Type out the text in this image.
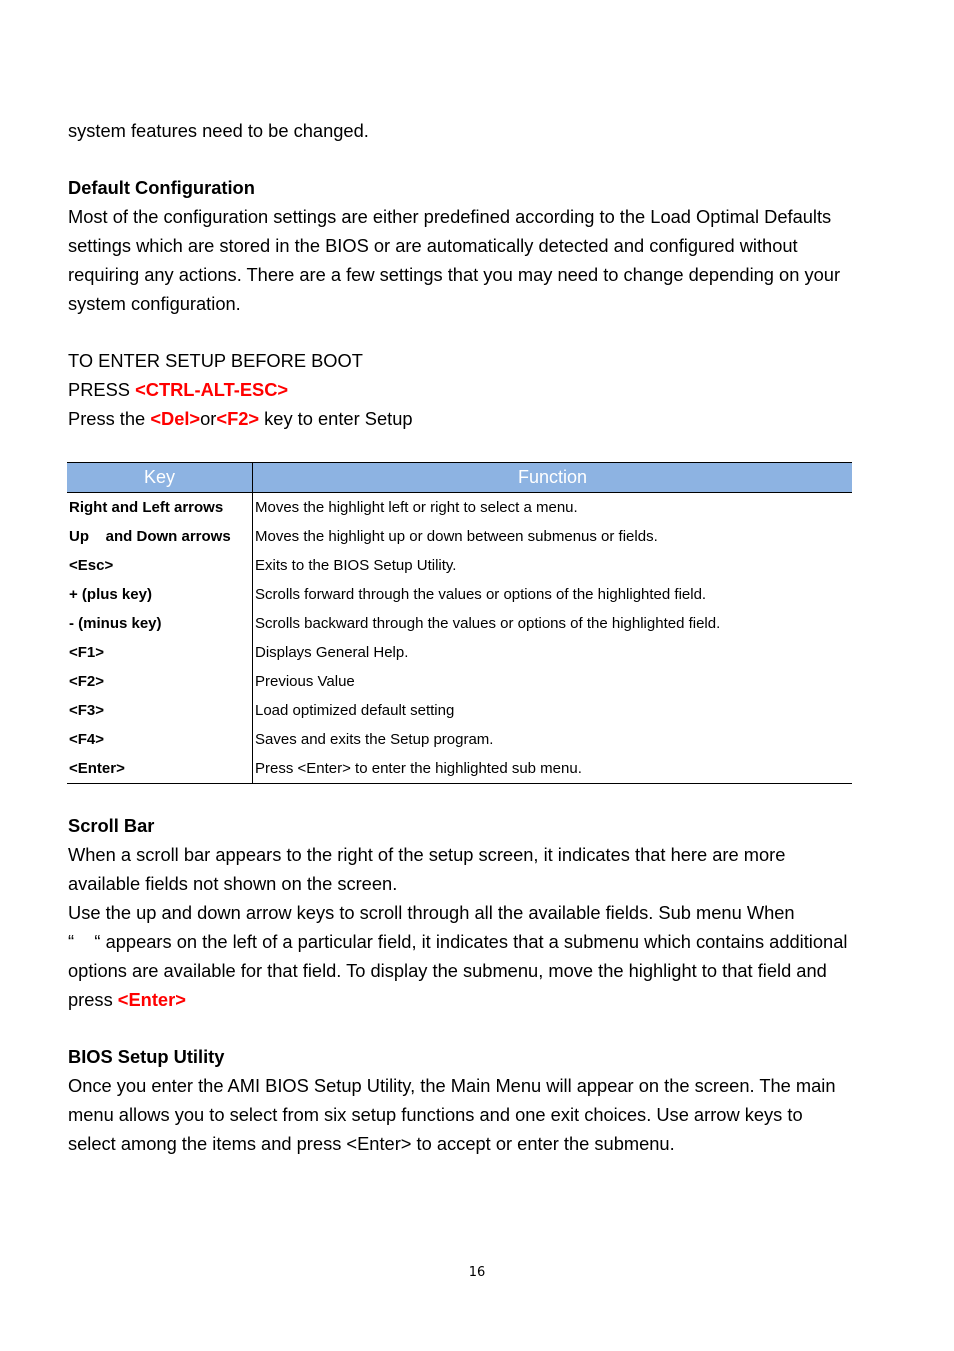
system features need to be changed.

Default Configuration

Most of the configuration settings are either predefined according to the Load Optimal Defaults

settings which are stored in the BIOS or are automatically detected and configured without

requiring any actions. There are a few settings that you may need to change depending on your

system configuration.

TO ENTER SETUP BEFORE BOOT

PRESS <CTRL-ALT-ESC>

Press the <Del>or<F2> key to enter Setup

Key	Function
Right and Left arrows	Moves the highlight left or right to select a menu.
Up    and Down arrows	Moves the highlight up or down between submenus or fields.
<Esc>	Exits to the BIOS Setup Utility.
+ (plus key)	Scrolls forward through the values or options of the highlighted field.
- (minus key)	Scrolls backward through the values or options of the highlighted field.
<F1>	Displays General Help.
<F2>	Previous Value
<F3>	Load optimized default setting
<F4>	Saves and exits the Setup program.
<Enter>	Press <Enter> to enter the highlighted sub menu.

Scroll Bar

When a scroll bar appears to the right of the setup screen, it indicates that here are more

available fields not shown on the screen.

Use the up and down arrow keys to scroll through all the available fields. Sub menu When

“    “ appears on the left of a particular field, it indicates that a submenu which contains additional

options are available for that field. To display the submenu, move the highlight to that field and

press <Enter>

BIOS Setup Utility

Once you enter the AMI BIOS Setup Utility, the Main Menu will appear on the screen. The main

menu allows you to select from six setup functions and one exit choices. Use arrow keys to

select among the items and press <Enter> to accept or enter the submenu.

16
